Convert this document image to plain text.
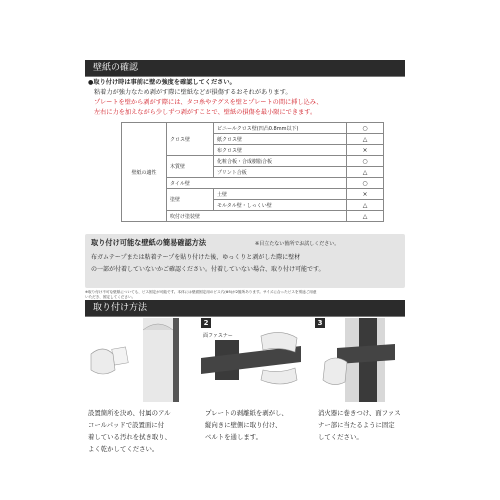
壁紙の確認
●取り付け時は事前に壁の強度を確認してください。
粘着力が強力なため剥がす際に壁紙などが損傷するおそれがあります。
プレートを壁から剥がす際には、タコ糸やテグスを壁とプレートの間に挿し込み、
左右に力を加えながら少しずつ剥がすことで、壁紙の損傷を最小限にできます。
壁紙の適性	クロス壁	ビニールクロス壁(凹凸0.8mm以下)	○
		紙クロス壁	△
		布クロス壁	×
	木質壁	化粧合板・合成樹脂合板	○
		プリント合板	△
	タイル壁		○
	塗壁	土壁	×
		モルタル壁・しっくい壁	△
	吹付け塗装壁		△
取り付け可能な壁紙の簡易確認方法	※目立たない箇所でお試しください。
布ガムテープまたは粘着テープを貼り付けた後、ゆっくりと剥がした際に壁材
の一部が付着していないかご確認ください。付着していない場合、取り付け可能です。
※取り付け不可な壁紙についても、ビス固定が可能です。本体には壁面固定用のビス穴(Φ5)が2箇所あります。サイズに合ったビスを別途ご用意
いただき、固定してください。
取り付け方法
2
面ファスナー
3
設置箇所を決め、付属のアル
コールパッドで設置面に付
着している汚れを拭き取り、
よく乾かしてください。
プレートの剥離紙を剥がし、
縦向きに壁側に取り付け、
ベルトを通します。
消火器に巻きつけ、面ファス
ナー部に当たるように固定
してください。
